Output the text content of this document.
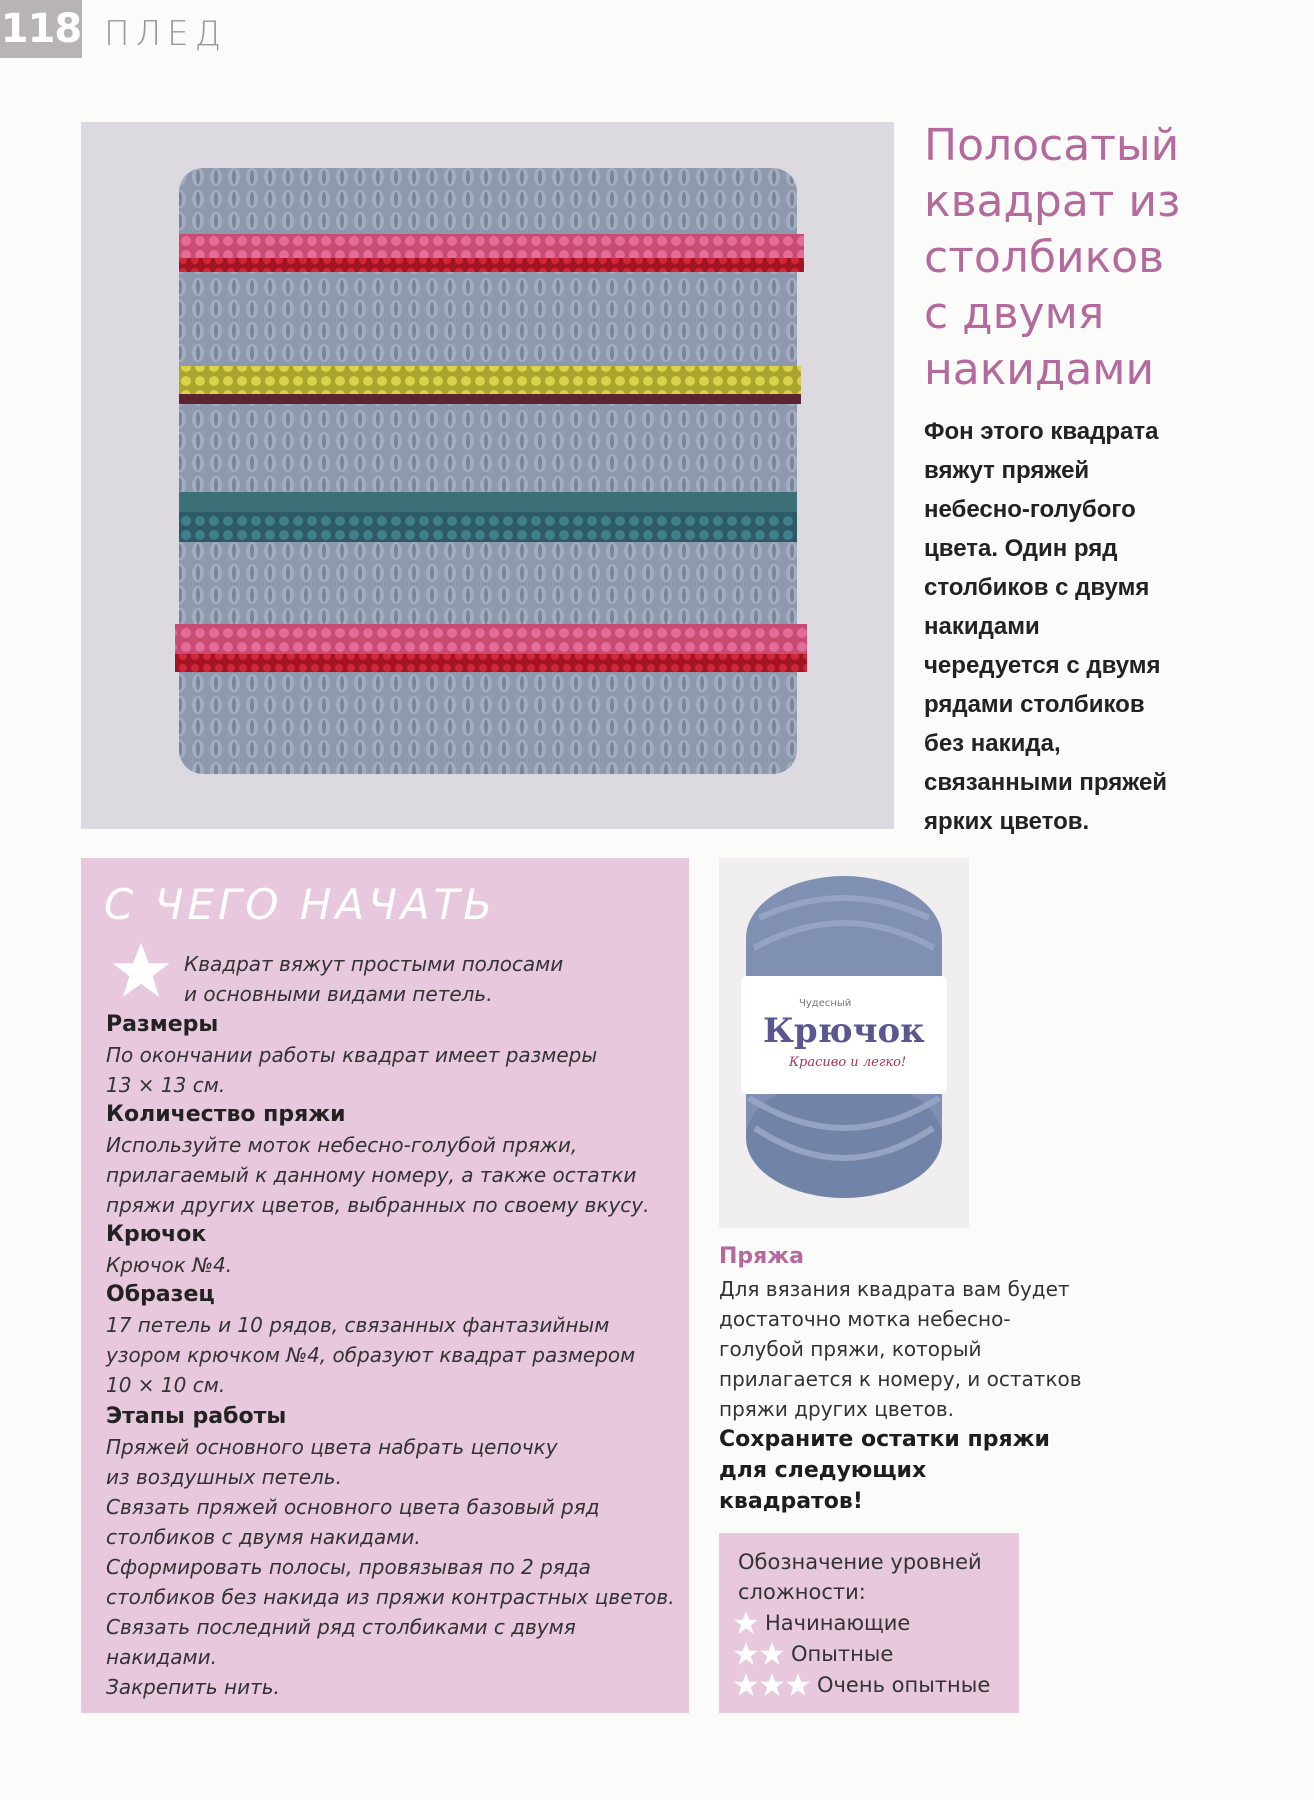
118 ПЛЕД
Полосатый
квадрат из
столбиков
с двумя
накидами
Фон этого квадрата
вяжут пряжей
небесно-голубого
цвета. Один ряд
столбиков с двумя
накидами
чередуется с двумя
рядами столбиков
без накида,
связанными пряжей
ярких цветов.
С ЧЕГО НАЧАТЬ
Квадрат вяжут простыми полосами
и основными видами петель.
Размеры
По окончании работы квадрат имеет размеры
13 × 13 см.
Количество пряжи
Используйте моток небесно-голубой пряжи,
прилагаемый к данному номеру, а также остатки
пряжи других цветов, выбранных по своему вкусу.
Крючок
Крючок №4.
Образец
17 петель и 10 рядов, связанных фантазийным
узором крючком №4, образуют квадрат размером
10 × 10 см.
Этапы работы
Пряжей основного цвета набрать цепочку
из воздушных петель.
Связать пряжей основного цвета базовый ряд
столбиков с двумя накидами.
Сформировать полосы, провязывая по 2 ряда
столбиков без накида из пряжи контрастных цветов.
Связать последний ряд столбиками с двумя
накидами.
Закрепить нить.
Чудесный
Крючок
Красиво и легко!
Пряжа
Для вязания квадрата вам будет
достаточно мотка небесно-
голубой пряжи, который
прилагается к номеру, и остатков
пряжи других цветов.
Сохраните остатки пряжи
для следующих
квадратов!
Обозначение уровней
сложности:
Начинающие
Опытные
Очень опытные
